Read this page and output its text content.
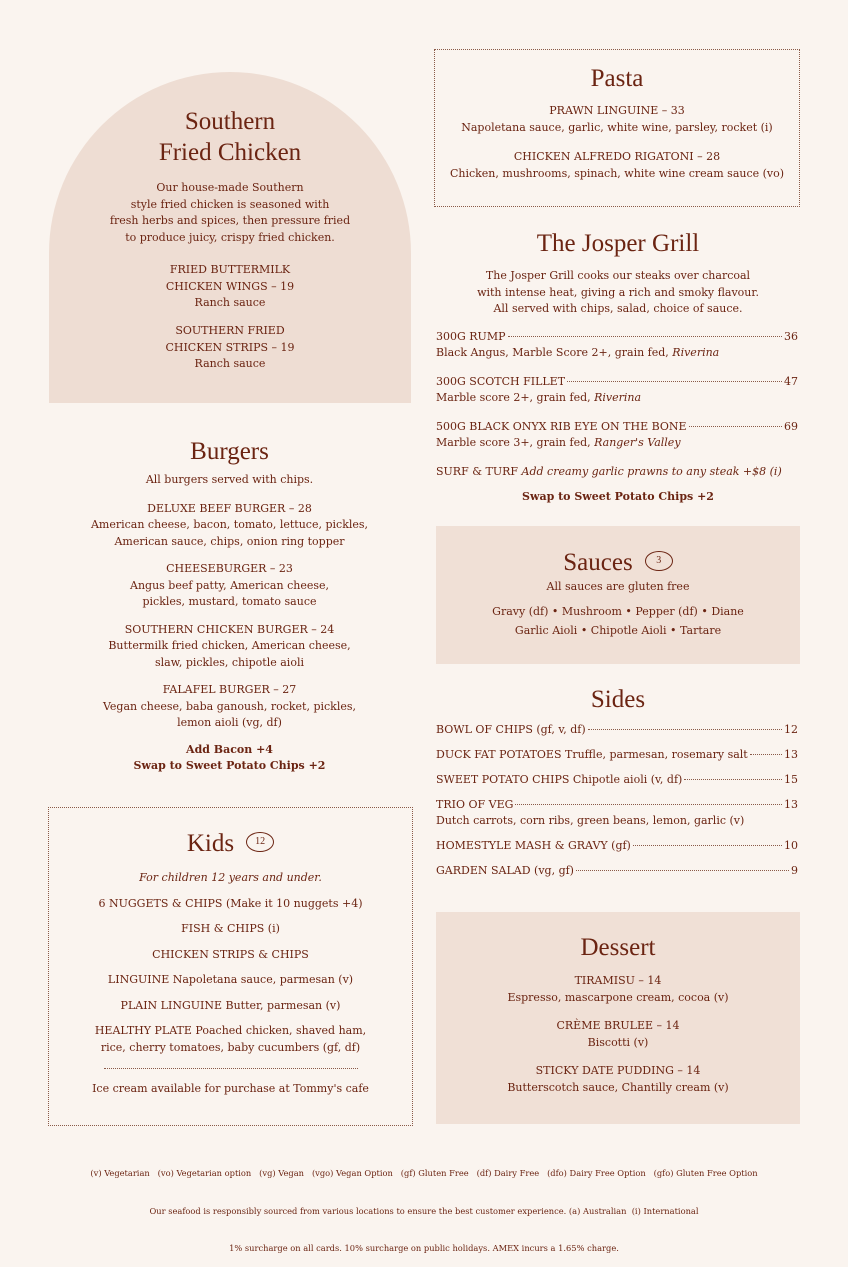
Southern
Fried Chicken
Our house-made Southern
style fried chicken is seasoned with
fresh herbs and spices, then pressure fried
to produce juicy, crispy fried chicken.
FRIED BUTTERMILK
CHICKEN WINGS – 19
Ranch sauce
SOUTHERN FRIED
CHICKEN STRIPS – 19
Ranch sauce
Burgers
All burgers served with chips.
DELUXE BEEF BURGER – 28
American cheese, bacon, tomato, lettuce, pickles,
American sauce, chips, onion ring topper
CHEESEBURGER – 23
Angus beef patty, American cheese,
pickles, mustard, tomato sauce
SOUTHERN CHICKEN BURGER – 24
Buttermilk fried chicken, American cheese,
slaw, pickles, chipotle aioli
FALAFEL BURGER – 27
Vegan cheese, baba ganoush, rocket, pickles,
lemon aioli (vg, df)
Add Bacon +4
Swap to Sweet Potato Chips +2
Kids 12
For children 12 years and under.
6 NUGGETS & CHIPS (Make it 10 nuggets +4)
FISH & CHIPS (i)
CHICKEN STRIPS & CHIPS
LINGUINE Napoletana sauce, parmesan (v)
PLAIN LINGUINE Butter, parmesan (v)
HEALTHY PLATE Poached chicken, shaved ham,
rice, cherry tomatoes, baby cucumbers (gf, df)
Ice cream available for purchase at Tommy's cafe
Pasta
PRAWN LINGUINE – 33
Napoletana sauce, garlic, white wine, parsley, rocket (i)
CHICKEN ALFREDO RIGATONI – 28
Chicken, mushrooms, spinach, white wine cream sauce (vo)
The Josper Grill
The Josper Grill cooks our steaks over charcoal
with intense heat, giving a rich and smoky flavour.
All served with chips, salad, choice of sauce.
300G RUMP	36
Black Angus, Marble Score 2+, grain fed, Riverina
300G SCOTCH FILLET	47
Marble score 2+, grain fed, Riverina
500G BLACK ONYX RIB EYE ON THE BONE	69
Marble score 3+, grain fed, Ranger's Valley
SURF & TURF Add creamy garlic prawns to any steak +$8 (i)
Swap to Sweet Potato Chips +2
Sauces 3
All sauces are gluten free
Gravy (df) • Mushroom • Pepper (df) • Diane
Garlic Aioli • Chipotle Aioli • Tartare
Sides
BOWL OF CHIPS (gf, v, df)	12
DUCK FAT POTATOES Truffle, parmesan, rosemary salt	13
SWEET POTATO CHIPS Chipotle aioli (v, df)	15
TRIO OF VEG	13
Dutch carrots, corn ribs, green beans, lemon, garlic (v)
HOMESTYLE MASH & GRAVY (gf)	10
GARDEN SALAD (vg, gf)	9
Dessert
TIRAMISU – 14
Espresso, mascarpone cream, cocoa (v)
CRÈME BRULEE – 14
Biscotti (v)
STICKY DATE PUDDING – 14
Butterscotch sauce, Chantilly cream (v)

(v) Vegetarian   (vo) Vegetarian option   (vg) Vegan   (vgo) Vegan Option   (gf) Gluten Free   (df) Dairy Free   (dfo) Dairy Free Option   (gfo) Gluten Free Option

Our seafood is responsibly sourced from various locations to ensure the best customer experience. (a) Australian  (i) International

1% surcharge on all cards. 10% surcharge on public holidays. AMEX incurs a 1.65% charge.
